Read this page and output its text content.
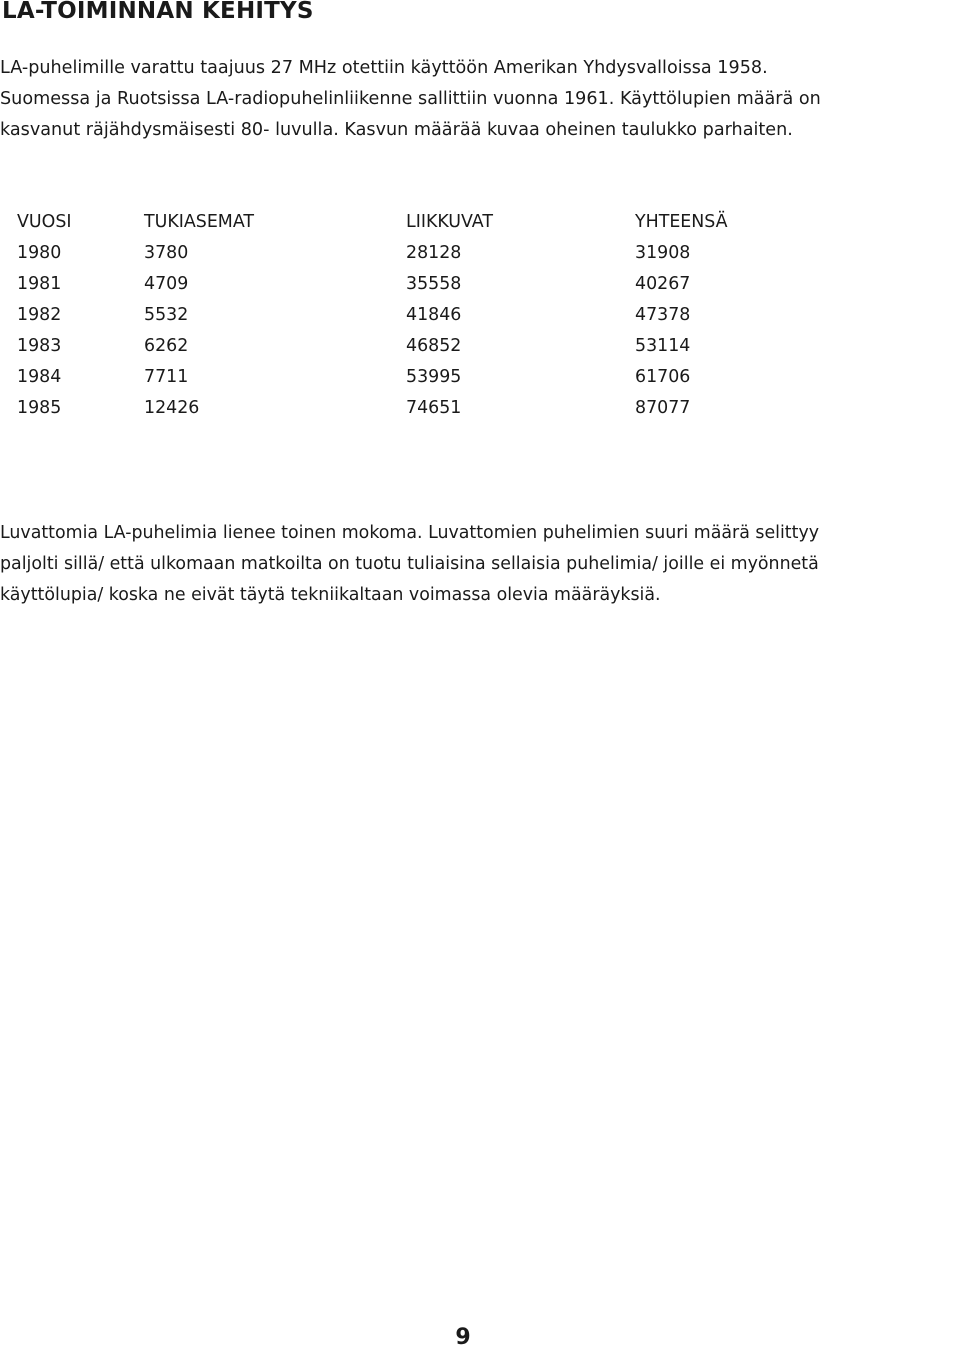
LA-TOIMINNAN KEHITYS

LA-puhelimille varattu taajuus 27 MHz otettiin käyttöön Amerikan Yhdysvalloissa 1958.
Suomessa ja Ruotsissa LA-radiopuhelinliikenne sallittiin vuonna 1961. Käyttölupien määrä on
kasvanut räjähdysmäisesti 80- luvulla. Kasvun määrää kuvaa oheinen taulukko parhaiten.

VUOSI	TUKIASEMAT	LIIKKUVAT	YHTEENSÄ
1980	3780	28128	31908
1981	4709	35558	40267
1982	5532	41846	47378
1983	6262	46852	53114
1984	7711	53995	61706
1985	12426	74651	87077

Luvattomia LA-puhelimia lienee toinen mokoma. Luvattomien puhelimien suuri määrä selittyy
paljolti sillä/ että ulkomaan matkoilta on tuotu tuliaisina sellaisia puhelimia/ joille ei myönnetä
käyttölupia/ koska ne eivät täytä tekniikaltaan voimassa olevia määräyksiä.

9
